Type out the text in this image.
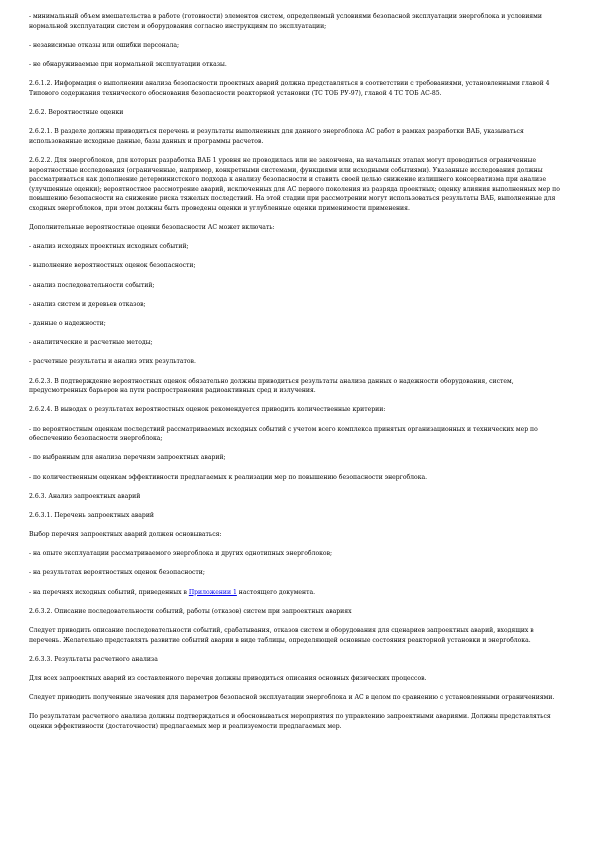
- минимальный объем вмешательства в работе (готовности) элементов систем, определяемый условиями безопасной эксплуатации энергоблока и условиями нормальной эксплуатации систем и оборудования согласно инструкциям по эксплуатации;

- независимые отказы или ошибки персонала;

- не обнаруживаемые при нормальной эксплуатации отказы.

2.6.1.2. Информация о выполнении анализа безопасности проектных аварий должна представляться в соответствии с требованиями, установленными главой 4 Типового содержания технического обоснования безопасности реакторной установки (ТС ТОБ РУ-97), главой 4 ТС ТОБ АС-85.

2.6.2. Вероятностные оценки

2.6.2.1. В разделе должны приводиться перечень и результаты выполненных для данного энергоблока АС работ в рамках разработки ВАБ, указываться использованные исходные данные, базы данных и программы расчетов.

2.6.2.2. Для энергоблоков, для которых разработка ВАБ 1 уровня не проводилась или не закончена, на начальных этапах могут проводиться ограниченные вероятностные исследования (ограниченные, например, конкретными системами, функциями или исходными событиями). Указанные исследования должны рассматриваться как дополнение детерминистского подхода к анализу безопасности и ставить своей целью снижение излишнего консерватизма при анализе (улучшенные оценки); вероятностное рассмотрение аварий, исключенных для АС первого поколения из разряда проектных; оценку влияния выполненных мер по повышению безопасности на снижение риска тяжелых последствий. На этой стадии при рассмотрении могут использоваться результаты ВАБ, выполненные для сходных энергоблоков, при этом должны быть проведены оценки и углубленные оценки применимости применения.

Дополнительные вероятностные оценки безопасности АС может включать:

- анализ исходных проектных исходных событий;

- выполнение вероятностных оценок безопасности;

- анализ последовательности событий;

- анализ систем и деревьев отказов;

- данные о надежности;

- аналитические и расчетные методы;

- расчетные результаты и анализ этих результатов.

2.6.2.3. В подтверждение вероятностных оценок обязательно должны приводиться результаты анализа данных о надежности оборудования, систем, предусмотренных барьеров на пути распространения радиоактивных сред и излучения.

2.6.2.4. В выводах о результатах вероятностных оценок рекомендуется приводить количественные критерии:

- по вероятностным оценкам последствий рассматриваемых исходных событий с учетом всего комплекса принятых организационных и технических мер по обеспечению безопасности энергоблока;

- по выбранным для анализа перечням запроектных аварий;

- по количественным оценкам эффективности предлагаемых к реализации мер по повышению безопасности энергоблока.

2.6.3. Анализ запроектных аварий

2.6.3.1. Перечень запроектных аварий

Выбор перечня запроектных аварий должен основываться:

- на опыте эксплуатации рассматриваемого энергоблока и других однотипных энергоблоков;

- на результатах вероятностных оценок безопасности;

- на перечнях исходных событий, приведенных в Приложении 1 настоящего документа.

2.6.3.2. Описание последовательности событий, работы (отказов) систем при запроектных авариях

Следует приводить описание последовательности событий, срабатывания, отказов систем и оборудования для сценариев запроектных аварий, входящих в перечень. Желательно представлять развитие событий аварии в виде таблицы, определяющей основные состояния реакторной установки и энергоблока.

2.6.3.3. Результаты расчетного анализа

Для всех запроектных аварий из составленного перечня должны приводиться описания основных физических процессов.

Следует приводить полученные значения для параметров безопасной эксплуатации энергоблока и АС в целом по сравнению с установленными ограничениями.

По результатам расчетного анализа должны подтверждаться и обосновываться мероприятия по управлению запроектными авариями. Должны представляться оценки эффективности (достаточности) предлагаемых мер и реализуемости предлагаемых мер.
